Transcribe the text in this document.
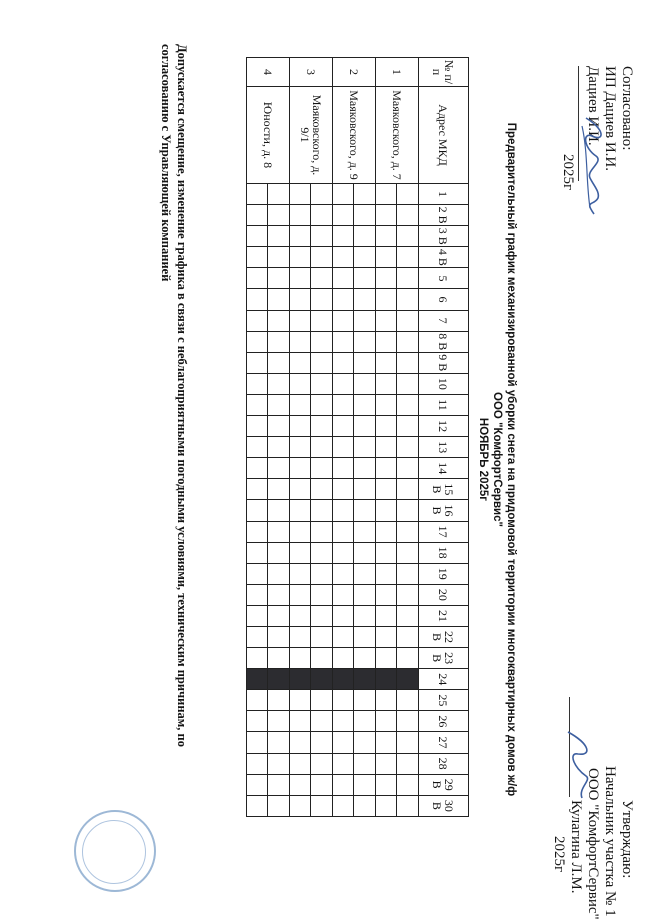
Согласовано:
ИП Дациев И.И.
Дациев И.И.
2025г
Утверждаю:
Начальник участка № 1
ООО "КомфортСервис"
Кулагина Л.М.
2025г
Предварительный график механизированной уборки снега на придомовой территории многоквартирных домов ж/ф
ООО "КомфортСервис"
НОЯБРЬ 2025г
№ п/п	Адрес МКД	1	2 В	3 В	4 В	5	6	7	8 В	9 В	10	11	12	13	14	15 В	16 В	17	18	19	20	21	22 В	23 В	24	25	26	27	28	29 В	30 В
1	Маяковского, д. 7																														

2	Маяковского, д. 9																														

3	Маяковского, д. 9/1																														

4	Юности, д. 8																														

Допускается смещение, изменение графика в связи с неблагоприятными погодными условиями, техническим причинам, по
согласованию с Управляющей компанией
